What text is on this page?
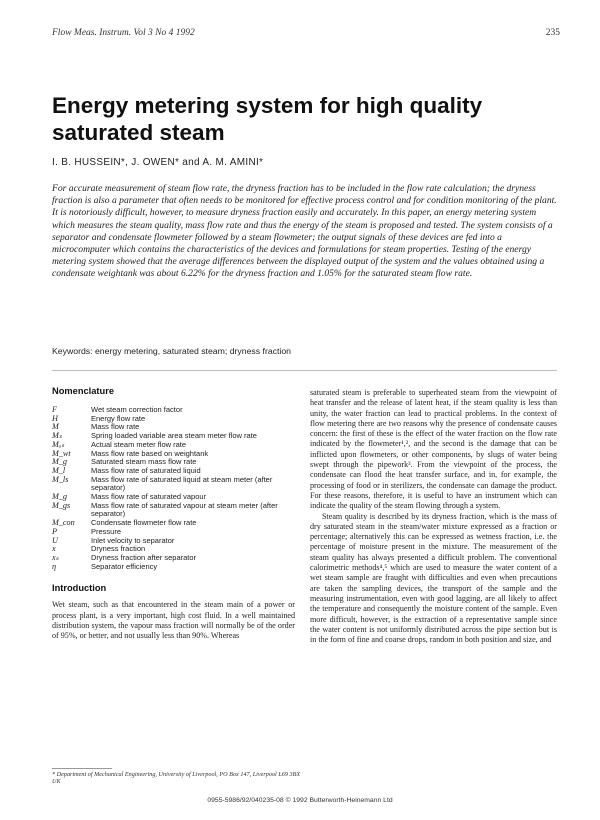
Flow Meas. Instrum. Vol 3 No 4 1992	235
Energy metering system for high quality saturated steam
I. B. HUSSEIN*, J. OWEN* and A. M. AMINI*

For accurate measurement of steam flow rate, the dryness fraction has to be included in the flow rate calculation; the dryness fraction is also a parameter that often needs to be monitored for effective process control and for condition monitoring of the plant. It is notoriously difficult, however, to measure dryness fraction easily and accurately. In this paper, an energy metering system which measures the steam quality, mass flow rate and thus the energy of the steam is proposed and tested. The system consists of a separator and condensate flowmeter followed by a steam flowmeter; the output signals of these devices are fed into a microcomputer which contains the characteristics of the devices and formulations for steam properties. Testing of the energy metering system showed that the average differences between the displayed output of the system and the values obtained using a condensate weightank was about 6.22% for the dryness fraction and 1.05% for the saturated steam flow rate.

Keywords: energy metering, saturated steam; dryness fraction
Nomenclature
F	Wet steam correction factor
H	Energy flow rate
M	Mass flow rate
Mₛ	Spring loaded variable area steam meter flow rate
Mₐₛ	Actual steam meter flow rate
M_wt	Mass flow rate based on weightank
M_g	Saturated steam mass flow rate
M_l	Mass flow rate of saturated liquid
M_ls	Mass flow rate of saturated liquid at steam meter (after separator)
M_g	Mass flow rate of saturated vapour
M_gs	Mass flow rate of saturated vapour at steam meter (after separator)
M_con	Condensate flowmeter flow rate
P	Pressure
U	Inlet velocity to separator
x	Dryness fraction
xₛ	Dryness fraction after separator
η	Separator efficiency
Introduction

Wet steam, such as that encountered in the steam main of a power or process plant, is a very important, high cost fluid. In a well maintained distribution system, the vapour mass fraction will normally be of the order of 95%, or better, and not usually less than 90%. Whereas

* Department of Mechanical Engineering, University of Liverpool, PO Box 147, Liverpool L69 3BX UK

saturated steam is preferable to superheated steam from the viewpoint of heat transfer and the release of latent heat, if the steam quality is less than unity, the water fraction can lead to practical problems. In the context of flow metering there are two reasons why the presence of condensate causes concern: the first of these is the effect of the water fraction on the flow rate indicated by the flowmeter¹,², and the second is the damage that can be inflicted upon flowmeters, or other components, by slugs of water being swept through the pipework³. From the viewpoint of the process, the condensate can flood the heat transfer surface, and in, for example, the processing of food or in sterilizers, the condensate can damage the product. For these reasons, therefore, it is useful to have an instrument which can indicate the quality of the steam flowing through a system.

Steam quality is described by its dryness fraction, which is the mass of dry saturated steam in the steam/water mixture expressed as a fraction or percentage; alternatively this can be expressed as wetness fraction, i.e. the percentage of moisture present in the mixture. The measurement of the steam quality has always presented a difficult problem. The conventional calorimetric methods⁴,⁵ which are used to measure the water content of a wet steam sample are fraught with difficulties and even when precautions are taken the sampling devices, the transport of the sample and the measuring instrumentation, even with good lagging, are all likely to affect the temperature and consequently the moisture content of the sample. Even more difficult, however, is the extraction of a representative sample since the water content is not uniformly distributed across the pipe section but is in the form of fine and coarse drops, random in both position and size, and

0955-5986/92/040235-08 © 1992 Butterworth-Heinemann Ltd
